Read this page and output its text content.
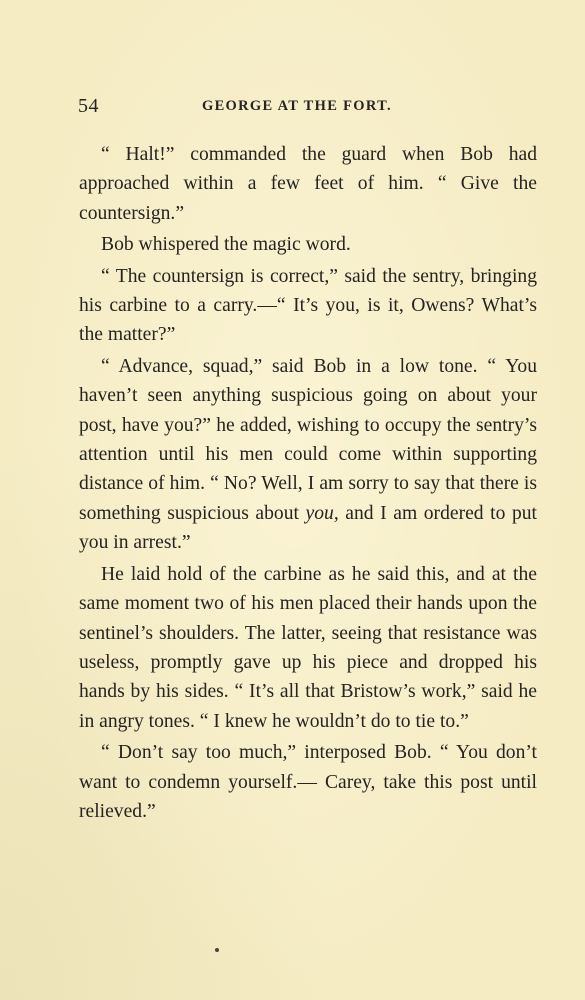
54	GEORGE AT THE FORT.

“ Halt!” commanded the guard when Bob had approached within a few feet of him. “ Give the countersign.”

Bob whispered the magic word.

“ The countersign is correct,” said the sentry, bringing his carbine to a carry.—“ It’s you, is it, Owens? What’s the matter?”

“ Advance, squad,” said Bob in a low tone. “ You haven’t seen anything suspicious going on about your post, have you?” he added, wishing to occupy the sentry’s attention until his men could come within supporting distance of him. “ No? Well, I am sorry to say that there is something suspicious about you, and I am ordered to put you in arrest.”

He laid hold of the carbine as he said this, and at the same moment two of his men placed their hands upon the sentinel’s shoulders. The latter, seeing that resistance was useless, promptly gave up his piece and dropped his hands by his sides. “ It’s all that Bristow’s work,” said he in angry tones. “ I knew he wouldn’t do to tie to.”

“ Don’t say too much,” interposed Bob. “ You don’t want to condemn yourself.— Carey, take this post until relieved.”
